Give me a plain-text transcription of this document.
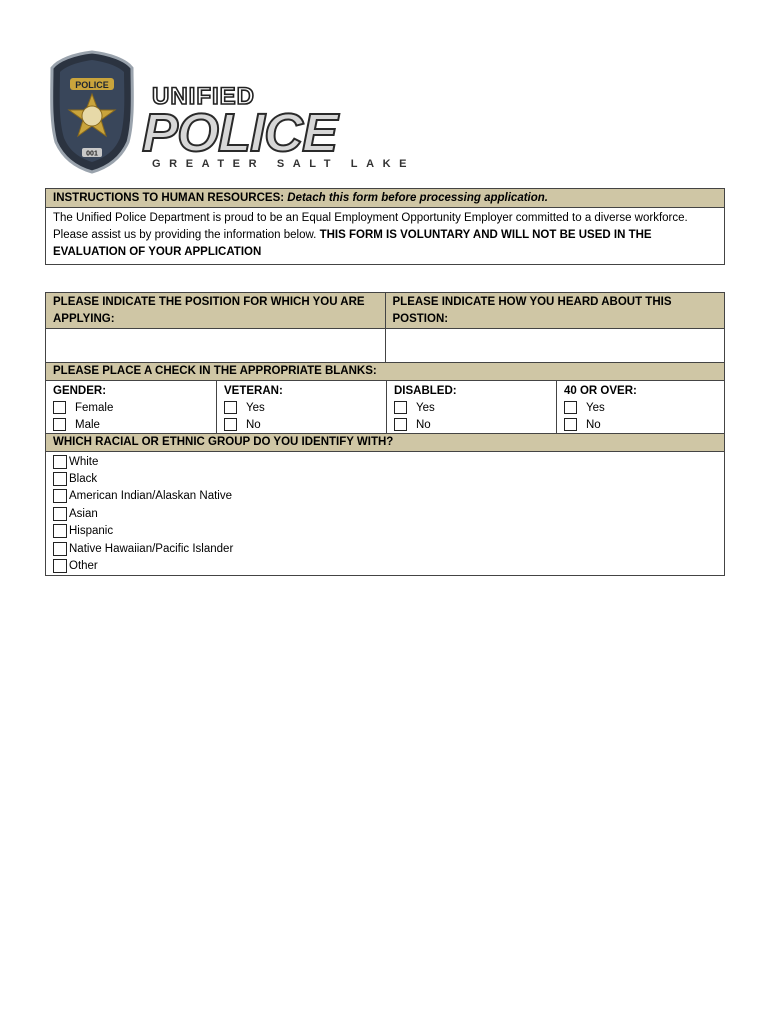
POLICE
001
UNIFIED
POLICE
GREATER SALT LAKE
INSTRUCTIONS TO HUMAN RESOURCES: Detach this form before processing application.
The Unified Police Department is proud to be an Equal Employment Opportunity Employer committed to a diverse workforce. Please assist us by providing the information below. THIS FORM IS VOLUNTARY AND WILL NOT BE USED IN THE EVALUATION OF YOUR APPLICATION
PLEASE INDICATE THE POSITION FOR WHICH YOU ARE APPLYING:
PLEASE INDICATE HOW YOU HEARD ABOUT THIS POSTION:
PLEASE PLACE A CHECK IN THE APPROPRIATE BLANKS:
GENDER:
Female
Male
VETERAN:
Yes
No
DISABLED:
Yes
No
40 OR OVER:
Yes
No
WHICH RACIAL OR ETHNIC GROUP DO YOU IDENTIFY WITH?
White
Black
American Indian/Alaskan Native
Asian
Hispanic
Native Hawaiian/Pacific Islander
Other
